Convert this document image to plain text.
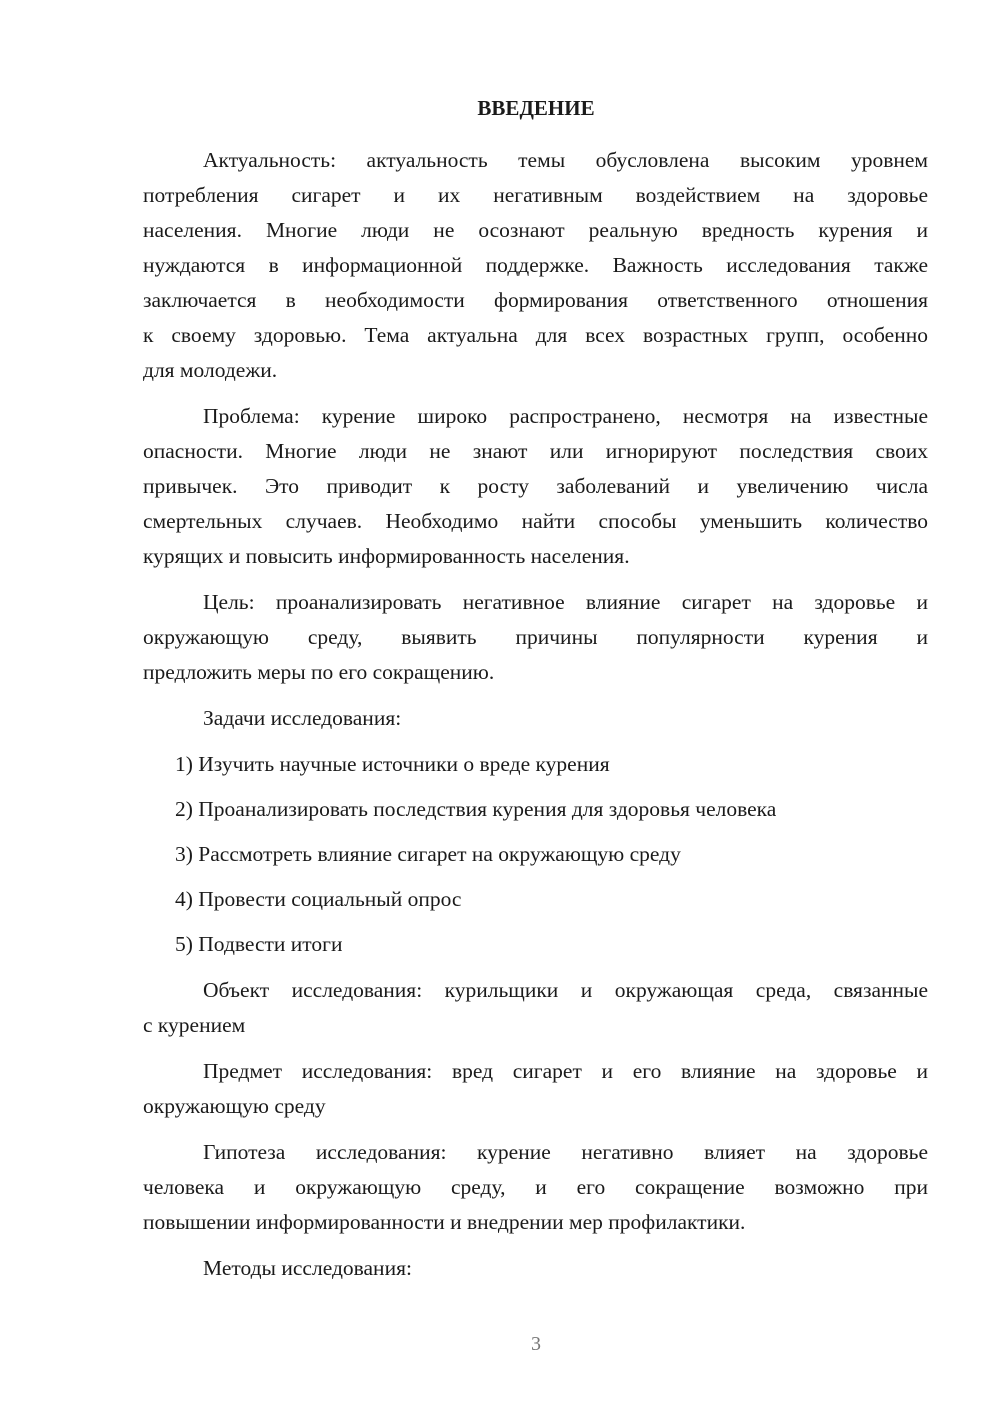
ВВЕДЕНИЕ
Актуальность: актуальность темы обусловлена высоким уровнем
потребления сигарет и их негативным воздействием на здоровье
населения. Многие люди не осознают реальную вредность курения и
нуждаются в информационной поддержке. Важность исследования также
заключается в необходимости формирования ответственного отношения
к своему здоровью. Тема актуальна для всех возрастных групп, особенно
для молодежи.
Проблема: курение широко распространено, несмотря на известные
опасности. Многие люди не знают или игнорируют последствия своих
привычек. Это приводит к росту заболеваний и увеличению числа
смертельных случаев. Необходимо найти способы уменьшить количество
курящих и повысить информированность населения.
Цель: проанализировать негативное влияние сигарет на здоровье и
окружающую среду, выявить причины популярности курения и
предложить меры по его сокращению.
Задачи исследования:
1) Изучить научные источники о вреде курения
2) Проанализировать последствия курения для здоровья человека
3) Рассмотреть влияние сигарет на окружающую среду
4) Провести социальный опрос
5) Подвести итоги
Объект исследования: курильщики и окружающая среда, связанные
с курением
Предмет исследования: вред сигарет и его влияние на здоровье и
окружающую среду
Гипотеза исследования: курение негативно влияет на здоровье
человека и окружающую среду, и его сокращение возможно при
повышении информированности и внедрении мер профилактики.
Методы исследования:
3
